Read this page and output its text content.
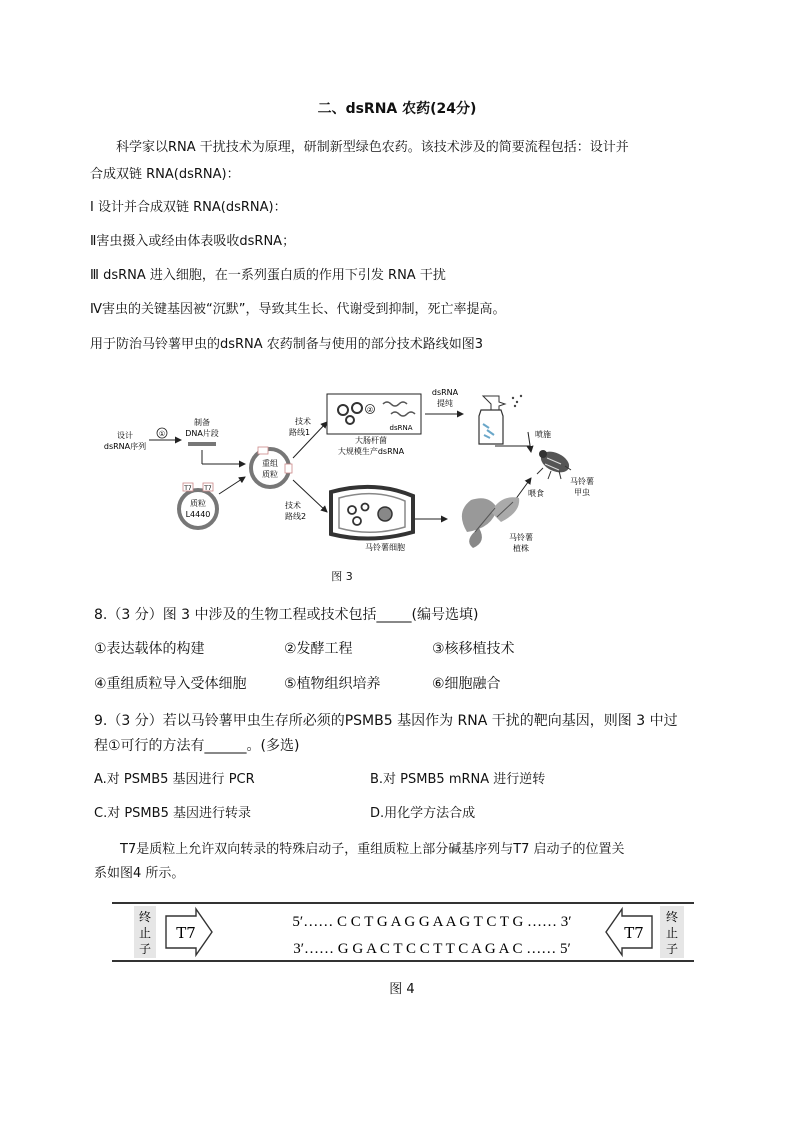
二、dsRNA 农药(24分)
科学家以RNA 干扰技术为原理，研制新型绿色农药。该技术涉及的简要流程包括：设计并
合成双链 RNA(dsRNA)：
Ⅰ 设计并合成双链 RNA(dsRNA)：
Ⅱ害虫摄入或经由体表吸收dsRNA；
Ⅲ dsRNA 进入细胞，在一系列蛋白质的作用下引发 RNA 干扰
Ⅳ害虫的关键基因被“沉默”，导致其生长、代谢受到抑制，死亡率提高。
用于防治马铃薯甲虫的dsRNA 农药制备与使用的部分技术路线如图3
设计
dsRNA序列
①
制备
DNA片段
质粒
L4440
T7 T7
重组
质粒
技术
路线1
②
dsRNA
大肠杆菌
大规模生产dsRNA
dsRNA
提纯
喷施
马铃薯
甲虫
喂食
技术
路线2
马铃薯细胞
马铃薯
植株
图 3
8.（3 分）图 3 中涉及的生物工程或技术包括_____(编号选填)
①表达载体的构建	②发酵工程	③核移植技术
④重组质粒导入受体细胞	⑤植物组织培养	⑥细胞融合
9.（3 分）若以马铃薯甲虫生存所必须的PSMB5 基因作为 RNA 干扰的靶向基因，则图 3 中过
程①可行的方法有______。(多选)
A.对 PSMB5 基因进行 PCR	B.对 PSMB5 mRNA 进行逆转
C.对 PSMB5 基因进行转录	D.用化学方法合成
T7是质粒上允许双向转录的特殊启动子，重组质粒上部分碱基序列与T7 启动子的位置关
系如图4 所示。
终
止
子
T7
5′…… C C T G A G G A A G T C T G …… 3′
3′…… G G A C T C C T T C A G A C …… 5′
T7
终
止
子
图 4
